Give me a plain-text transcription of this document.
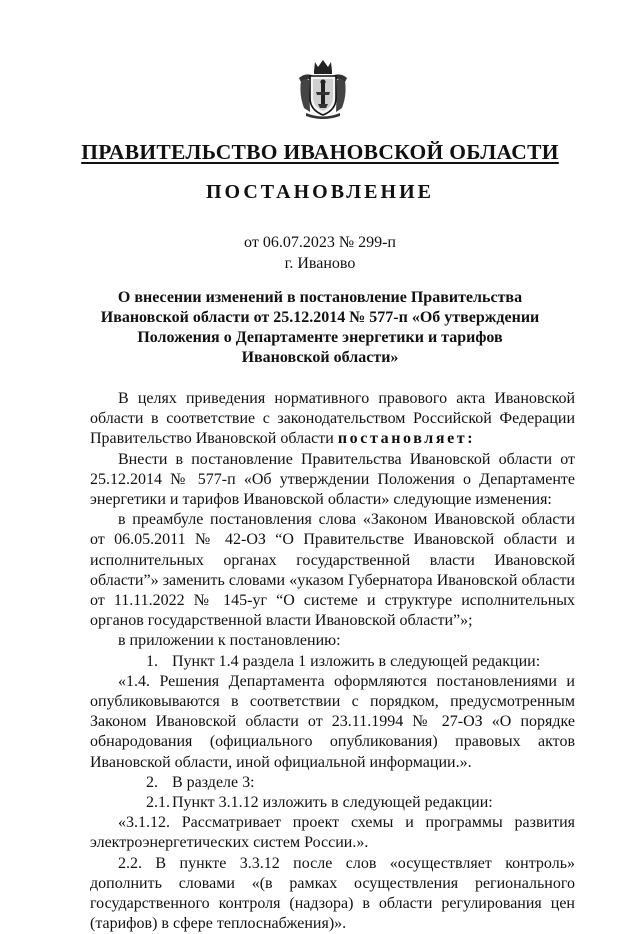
ПРАВИТЕЛЬСТВО ИВАНОВСКОЙ ОБЛАСТИ
ПОСТАНОВЛЕНИЕ
от 06.07.2023 № 299-п
г. Иваново
О внесении изменений в постановление Правительства
Ивановской области от 25.12.2014 № 577-п «Об утверждении
Положения о Департаменте энергетики и тарифов
Ивановской области»

В целях приведения нормативного правового акта Ивановской области в соответствие с законодательством Российской Федерации Правительство Ивановской области постановляет:

Внести в постановление Правительства Ивановской области от 25.12.2014 № 577-п «Об утверждении Положения о Департаменте энергетики и тарифов Ивановской области» следующие изменения:

в преамбуле постановления слова «Законом Ивановской области от 06.05.2011 № 42-ОЗ “О Правительстве Ивановской области и исполнительных органах государственной власти Ивановской области”» заменить словами «указом Губернатора Ивановской области от 11.11.2022 № 145-уг “О системе и структуре исполнительных органов государственной власти Ивановской области”»;

в приложении к постановлению:

1. Пункт 1.4 раздела 1 изложить в следующей редакции:

«1.4. Решения Департамента оформляются постановлениями и опубликовываются в соответствии с порядком, предусмотренным Законом Ивановской области от 23.11.1994 № 27-ОЗ «О порядке обнародования (официального опубликования) правовых актов Ивановской области, иной официальной информации.».

2. В разделе 3:

2.1. Пункт 3.1.12 изложить в следующей редакции:

«3.1.12. Рассматривает проект схемы и программы развития электроэнергетических систем России.».

2.2. В пункте 3.3.12 после слов «осуществляет контроль» дополнить словами «(в рамках осуществления регионального государственного контроля (надзора) в области регулирования цен (тарифов) в сфере теплоснабжения)».
